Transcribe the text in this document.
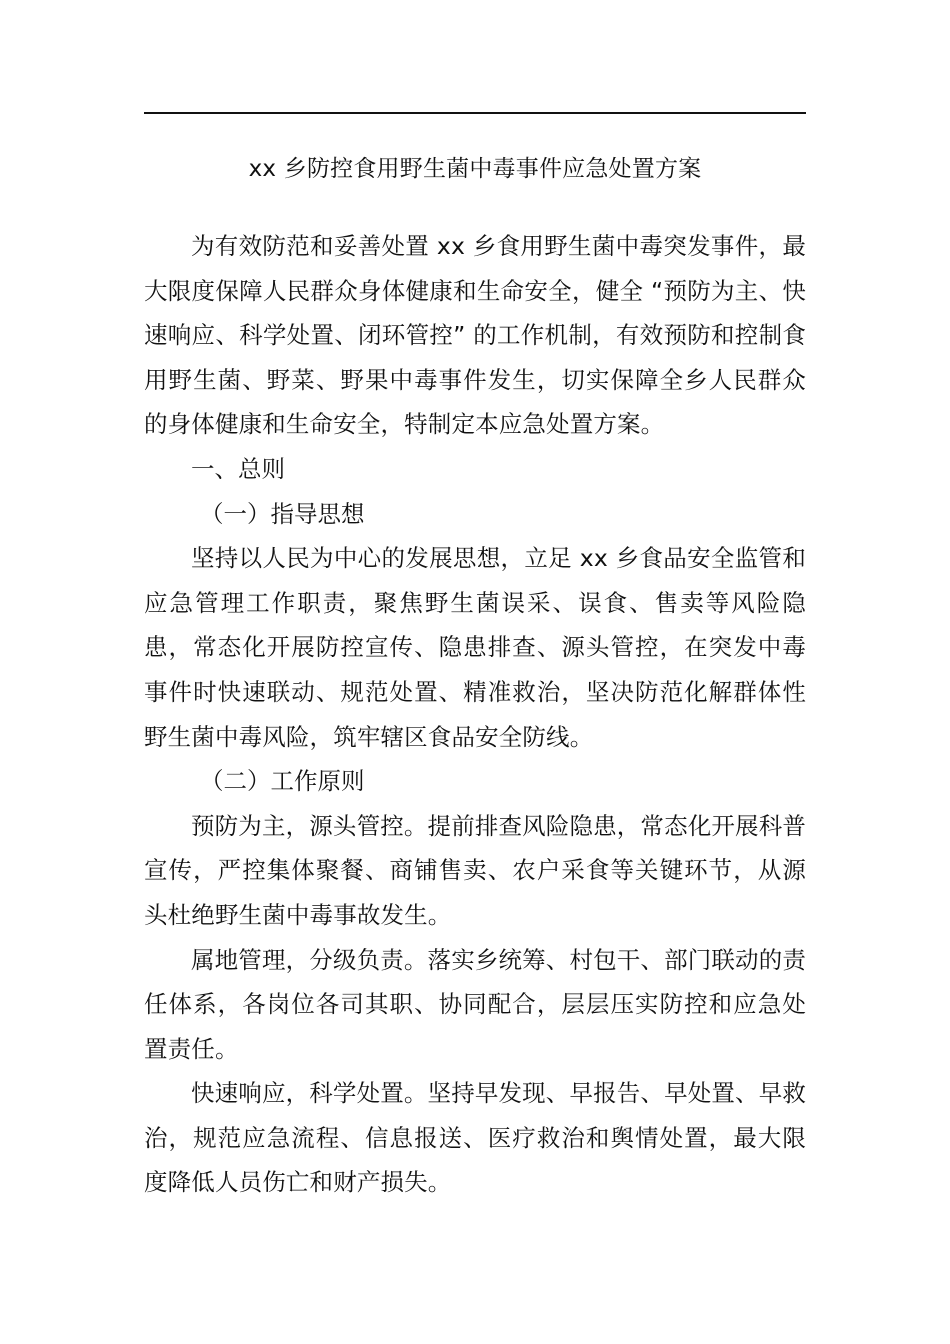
xx 乡防控食用野生菌中毒事件应急处置方案

为有效防范和妥善处置 xx 乡食用野生菌中毒突发事件，最大限度保障人民群众身体健康和生命安全，健全 “预防为主、快速响应、科学处置、闭环管控” 的工作机制，有效预防和控制食用野生菌、野菜、野果中毒事件发生，切实保障全乡人民群众的身体健康和生命安全，特制定本应急处置方案。

一、总则

（一）指导思想

坚持以人民为中心的发展思想，立足 xx 乡食品安全监管和应急管理工作职责，聚焦野生菌误采、误食、售卖等风险隐患，常态化开展防控宣传、隐患排查、源头管控，在突发中毒事件时快速联动、规范处置、精准救治，坚决防范化解群体性野生菌中毒风险，筑牢辖区食品安全防线。

（二）工作原则

预防为主，源头管控。提前排查风险隐患，常态化开展科普宣传，严控集体聚餐、商铺售卖、农户采食等关键环节，从源头杜绝野生菌中毒事故发生。

属地管理，分级负责。落实乡统筹、村包干、部门联动的责任体系，各岗位各司其职、协同配合，层层压实防控和应急处置责任。

快速响应，科学处置。坚持早发现、早报告、早处置、早救治，规范应急流程、信息报送、医疗救治和舆情处置，最大限度降低人员伤亡和财产损失。
